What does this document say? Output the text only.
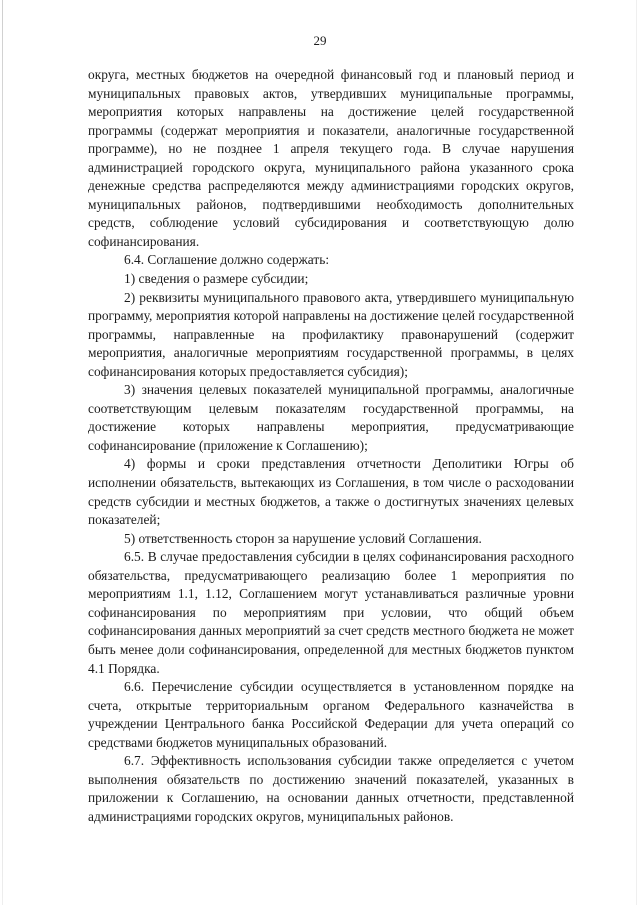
29

округа, местных бюджетов на очередной финансовый год и плановый период и муниципальных правовых актов, утвердивших муниципальные программы, мероприятия которых направлены на достижение целей государственной программы (содержат мероприятия и показатели, аналогичные государственной программе), но не позднее 1 апреля текущего года. В случае нарушения администрацией городского округа, муниципального района указанного срока денежные средства распределяются между администрациями городских округов, муниципальных районов, подтвердившими необходимость дополнительных средств, соблюдение условий субсидирования и соответствующую долю софинансирования.

6.4. Соглашение должно содержать:

1) сведения о размере субсидии;

2) реквизиты муниципального правового акта, утвердившего муниципальную программу, мероприятия которой направлены на достижение целей государственной программы, направленные на профилактику правонарушений (содержит мероприятия, аналогичные мероприятиям государственной программы, в целях софинансирования которых предоставляется субсидия);

3) значения целевых показателей муниципальной программы, аналогичные соответствующим целевым показателям государственной программы, на достижение которых направлены мероприятия, предусматривающие софинансирование (приложение к Соглашению);

4) формы и сроки представления отчетности Деполитики Югры об исполнении обязательств, вытекающих из Соглашения, в том числе о расходовании средств субсидии и местных бюджетов, а также о достигнутых значениях целевых показателей;

5) ответственность сторон за нарушение условий Соглашения.

6.5. В случае предоставления субсидии в целях софинансирования расходного обязательства, предусматривающего реализацию более 1 мероприятия по мероприятиям 1.1, 1.12, Соглашением могут устанавливаться различные уровни софинансирования по мероприятиям при условии, что общий объем софинансирования данных мероприятий за счет средств местного бюджета не может быть менее доли софинансирования, определенной для местных бюджетов пунктом 4.1 Порядка.

6.6. Перечисление субсидии осуществляется в установленном порядке на счета, открытые территориальным органом Федерального казначейства в учреждении Центрального банка Российской Федерации для учета операций со средствами бюджетов муниципальных образований.

6.7. Эффективность использования субсидии также определяется с учетом выполнения обязательств по достижению значений показателей, указанных в приложении к Соглашению, на основании данных отчетности, представленной администрациями городских округов, муниципальных районов.
